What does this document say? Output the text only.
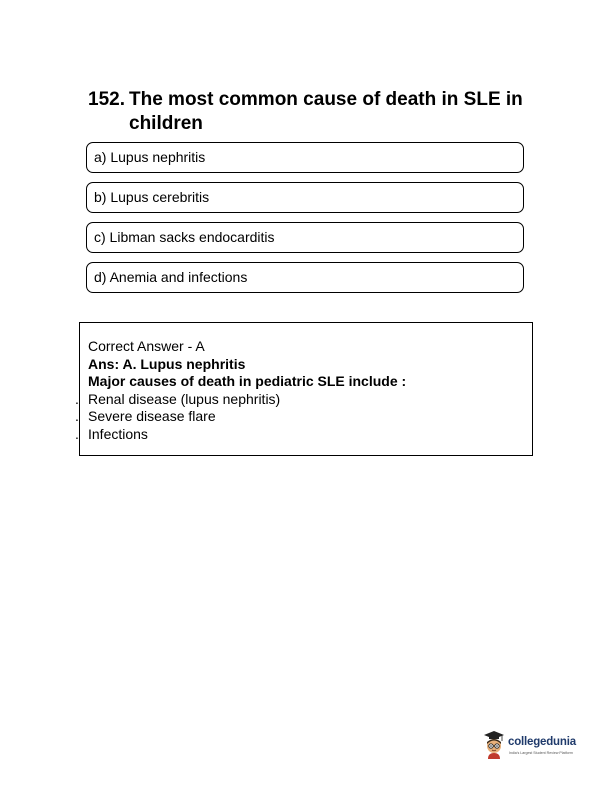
152. The most common cause of death in SLE in children
a) Lupus nephritis
b) Lupus cerebritis
c) Libman sacks endocarditis
d) Anemia and infections
Correct Answer - A
Ans: A. Lupus nephritis
Major causes of death in pediatric SLE include :
. Renal disease (lupus nephritis)
. Severe disease flare
. Infections
collegedunia
India's Largest Student Review Platform
